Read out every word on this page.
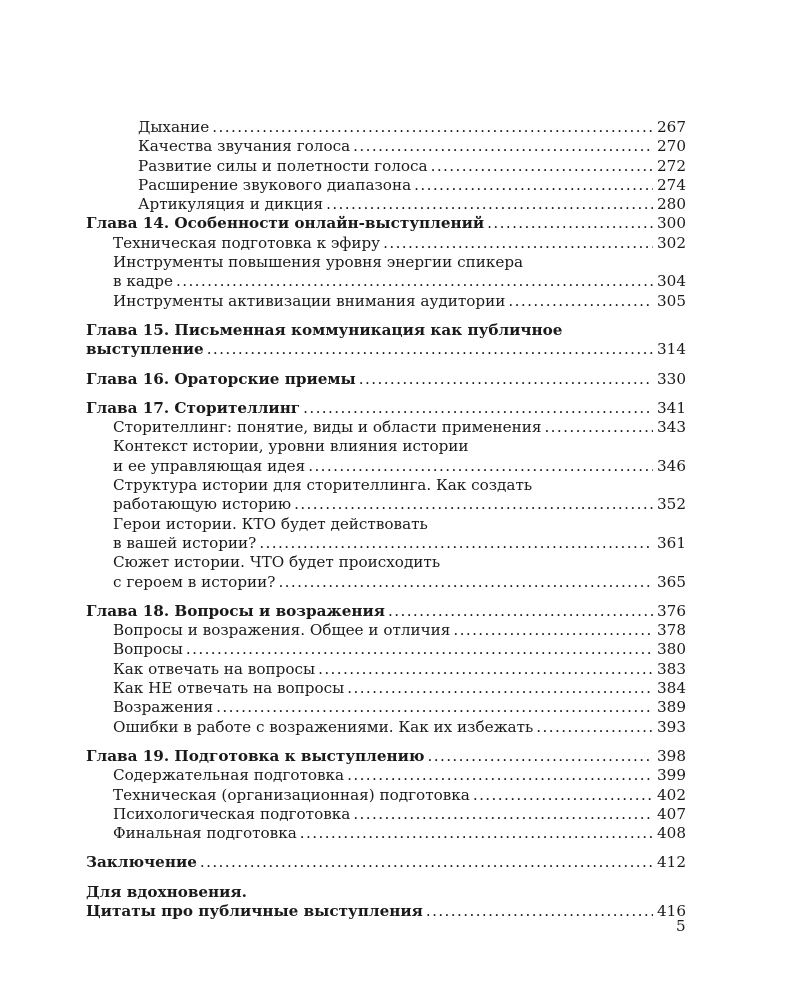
Дыхание .....	267
Качества звучания голоса .....	270
Развитие силы и полетности голоса .....	272
Расширение звукового диапазона .....	274
Артикуляция и дикция .....	280
Глава 14. Особенности онлайн-выступлений .....	300
Техническая подготовка к эфиру .....	302
Инструменты повышения уровня энергии спикера
в кадре .....	304
Инструменты активизации внимания аудитории .....	305
Глава 15. Письменная коммуникация как публичное
выступление .....	314
Глава 16. Ораторские приемы .....	330
Глава 17. Сторителлинг .....	341
Сторителлинг: понятие, виды и области применения .....	343
Контекст истории, уровни влияния истории
и ее управляющая идея .....	346
Структура истории для сторителлинга. Как создать
работающую историю .....	352
Герои истории. КТО будет действовать
в вашей истории? .....	361
Сюжет истории. ЧТО будет происходить
с героем в истории? .....	365
Глава 18. Вопросы и возражения .....	376
Вопросы и возражения. Общее и отличия .....	378
Вопросы .....	380
Как отвечать на вопросы .....	383
Как НЕ отвечать на вопросы .....	384
Возражения .....	389
Ошибки в работе с возражениями. Как их избежать .....	393
Глава 19. Подготовка к выступлению .....	398
Содержательная подготовка .....	399
Техническая (организационная) подготовка .....	402
Психологическая подготовка .....	407
Финальная подготовка .....	408
Заключение .....	412
Для вдохновения.
Цитаты про публичные выступления .....	416
5
